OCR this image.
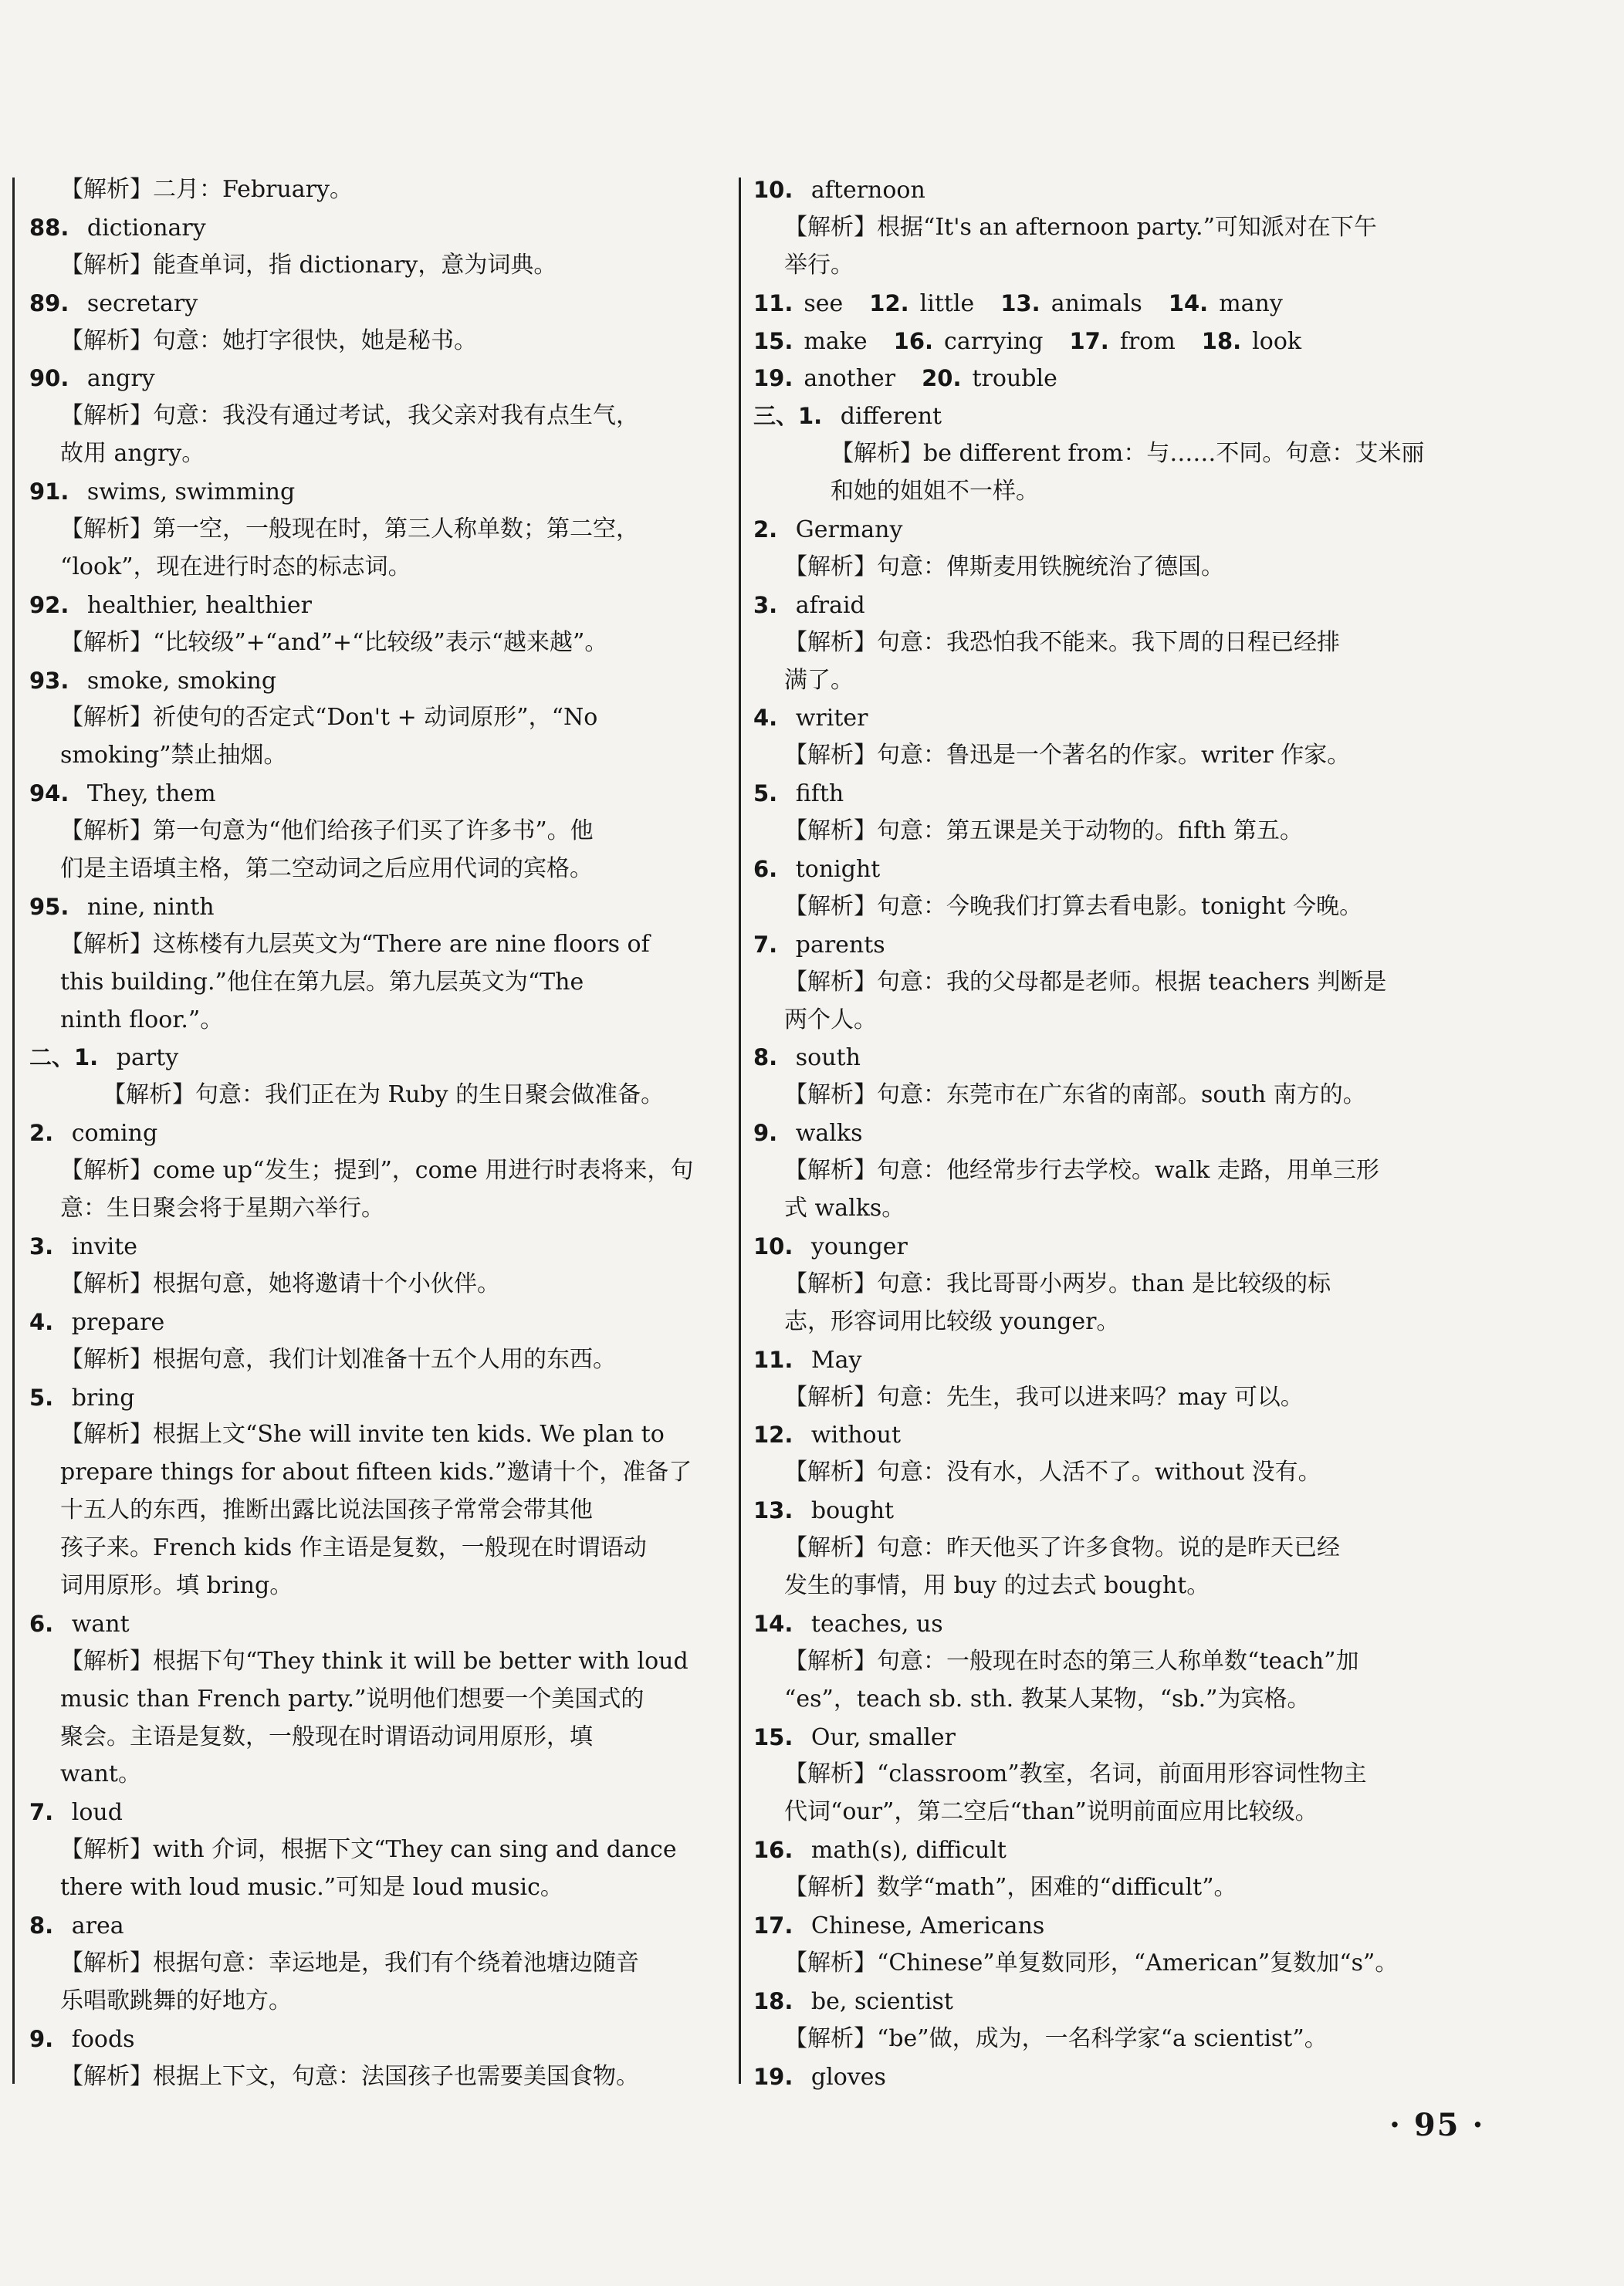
【解析】二月：February。
88. dictionary
【解析】能查单词，指 dictionary，意为词典。
89. secretary
【解析】句意：她打字很快，她是秘书。
90. angry
【解析】句意：我没有通过考试，我父亲对我有点生气，
故用 angry。
91. swims, swimming
【解析】第一空，一般现在时，第三人称单数；第二空，
“look”，现在进行时态的标志词。
92. healthier, healthier
【解析】“比较级”+“and”+“比较级”表示“越来越”。
93. smoke, smoking
【解析】祈使句的否定式“Don't + 动词原形”，“No
smoking”禁止抽烟。
94. They, them
【解析】第一句意为“他们给孩子们买了许多书”。他
们是主语填主格，第二空动词之后应用代词的宾格。
95. nine, ninth
【解析】这栋楼有九层英文为“There are nine floors of
this building.”他住在第九层。第九层英文为“The
ninth floor.”。
二、1. party
【解析】句意：我们正在为 Ruby 的生日聚会做准备。
2. coming
【解析】come up“发生；提到”，come 用进行时表将来，句
意：生日聚会将于星期六举行。
3. invite
【解析】根据句意，她将邀请十个小伙伴。
4. prepare
【解析】根据句意，我们计划准备十五个人用的东西。
5. bring
【解析】根据上文“She will invite ten kids. We plan to
prepare things for about fifteen kids.”邀请十个，准备了
十五人的东西，推断出露比说法国孩子常常会带其他
孩子来。French kids 作主语是复数，一般现在时谓语动
词用原形。填 bring。
6. want
【解析】根据下句“They think it will be better with loud
music than French party.”说明他们想要一个美国式的
聚会。主语是复数，一般现在时谓语动词用原形，填
want。
7. loud
【解析】with 介词，根据下文“They can sing and dance
there with loud music.”可知是 loud music。
8. area
【解析】根据句意：幸运地是，我们有个绕着池塘边随音
乐唱歌跳舞的好地方。
9. foods
【解析】根据上下文，句意：法国孩子也需要美国食物。
10. afternoon
【解析】根据“It's an afternoon party.”可知派对在下午
举行。
11. see 12. little 13. animals 14. many
15. make 16. carrying 17. from 18. look
19. another 20. trouble
三、1. different
【解析】be different from：与……不同。句意：艾米丽
和她的姐姐不一样。
2. Germany
【解析】句意：俾斯麦用铁腕统治了德国。
3. afraid
【解析】句意：我恐怕我不能来。我下周的日程已经排
满了。
4. writer
【解析】句意：鲁迅是一个著名的作家。writer 作家。
5. fifth
【解析】句意：第五课是关于动物的。fifth 第五。
6. tonight
【解析】句意：今晚我们打算去看电影。tonight 今晚。
7. parents
【解析】句意：我的父母都是老师。根据 teachers 判断是
两个人。
8. south
【解析】句意：东莞市在广东省的南部。south 南方的。
9. walks
【解析】句意：他经常步行去学校。walk 走路，用单三形
式 walks。
10. younger
【解析】句意：我比哥哥小两岁。than 是比较级的标
志，形容词用比较级 younger。
11. May
【解析】句意：先生，我可以进来吗？may 可以。
12. without
【解析】句意：没有水，人活不了。without 没有。
13. bought
【解析】句意：昨天他买了许多食物。说的是昨天已经
发生的事情，用 buy 的过去式 bought。
14. teaches, us
【解析】句意：一般现在时态的第三人称单数“teach”加
“es”，teach sb. sth. 教某人某物，“sb.”为宾格。
15. Our, smaller
【解析】“classroom”教室，名词，前面用形容词性物主
代词“our”，第二空后“than”说明前面应用比较级。
16. math(s), difficult
【解析】数学“math”，困难的“difficult”。
17. Chinese, Americans
【解析】“Chinese”单复数同形，“American”复数加“s”。
18. be, scientist
【解析】“be”做，成为，一名科学家“a scientist”。
19. gloves
· 95 ·
